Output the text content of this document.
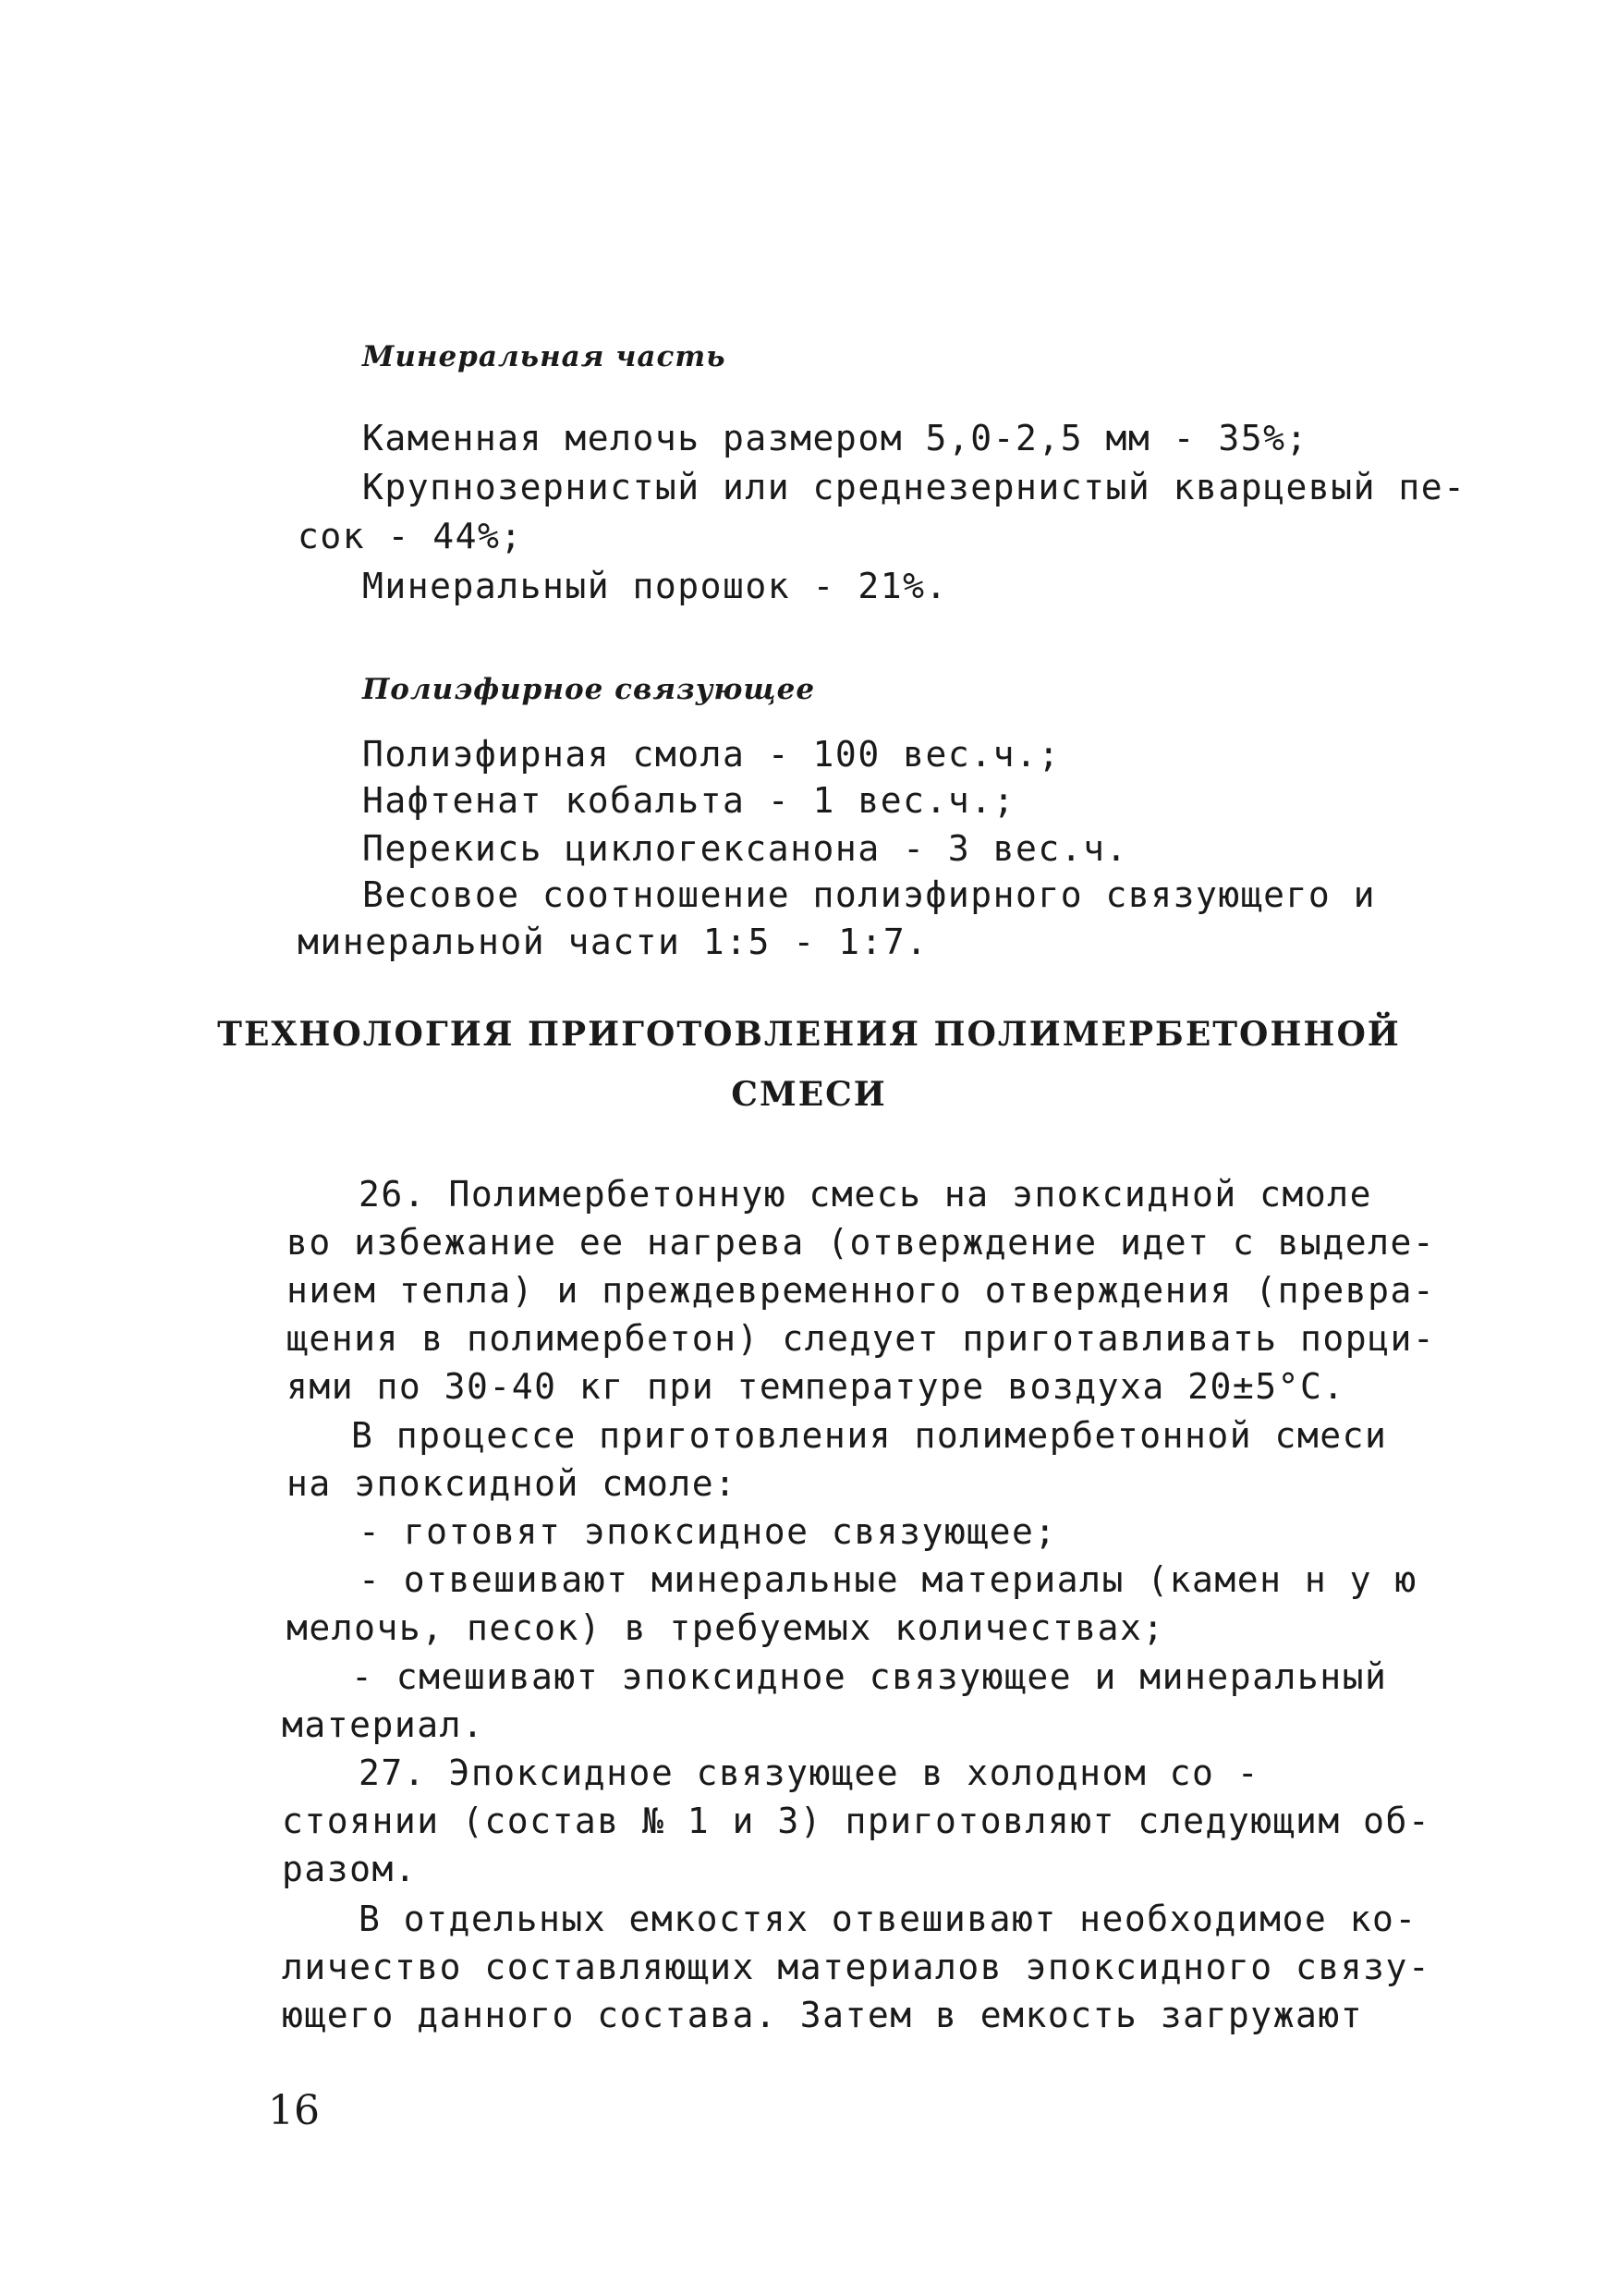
Минеральная часть
Каменная мелочь размером 5,0-2,5 мм - 35%;
Крупнозернистый или среднезернистый кварцевый пе-
сок - 44%;
Минеральный порошок - 21%.
Полиэфирное связующее
Полиэфирная смола - 100 вес.ч.;
Нафтенат кобальта - 1 вес.ч.;
Перекись циклогексанона - 3 вес.ч.
Весовое соотношение полиэфирного связующего и
минеральной части 1:5 - 1:7.
ТЕХНОЛОГИЯ ПРИГОТОВЛЕНИЯ ПОЛИМЕРБЕТОННОЙ
СМЕСИ
26. Полимербетонную смесь на эпоксидной смоле
во избежание ее нагрева (отверждение идет с выделе-
нием тепла) и преждевременного отверждения (превра-
щения в полимербетон) следует приготавливать порци-
ями по 30-40 кг при температуре воздуха 20±5°С.
В процессе приготовления полимербетонной смеси
на эпоксидной смоле:
- готовят эпоксидное связующее;
- отвешивают минеральные материалы (камен н у ю
мелочь, песок) в требуемых количествах;
- смешивают эпоксидное связующее и минеральный
материал.
27. Эпоксидное связующее в холодном со -
стоянии (состав № 1 и 3) приготовляют следующим об-
разом.
В отдельных емкостях отвешивают необходимое ко-
личество составляющих материалов эпоксидного связу-
ющего данного состава. Затем в емкость загружают
16
